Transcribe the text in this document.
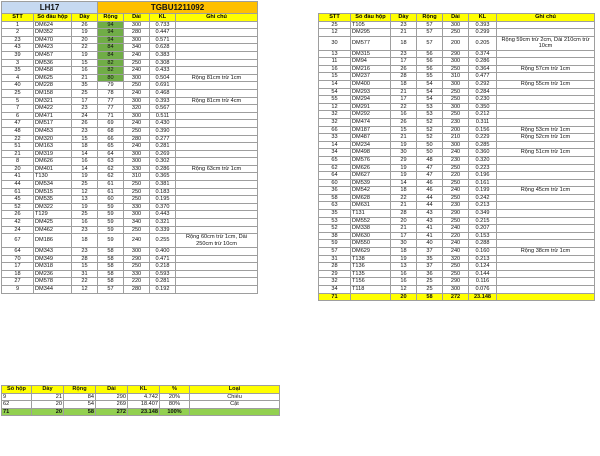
LH17			TGBU1211092			
STT	Số đầu hộp	Dày	Rộng	Dài	KL	Ghi chú
1	DM624	26	94	300	0.733	
2	DM352	19	94	280	0.447	
23	DM470	20	94	300	0.571	
43	DM423	22	84	340	0.628	
39	DM457	19	84	240	0.383	
3	DM536	15	82	250	0.308	
35	DM458	16	82	240	0.433	
4	DM625	21	80	300	0.504	Rộng 81cm trừ 1cm
40	DM228	35	79	250	0.691	
25	DM158	25	78	240	0.468	
5	DM321	17	77	300	0.393	Rộng 81cm trừ 4cm
7	DM422	23	77	320	0.567	
6	DM471	24	71	300	0.511	
47	DM517	26	69	240	0.430	
48	DM453	23	68	250	0.390	
22	DM320	15	66	280	0.277	
51	DM163	18	65	240	0.281	
21	DM319	14	64	300	0.269	
8	DM626	16	63	300	0.302	
20	DM401	14	62	330	0.286	Rộng 63cm trừ 1cm
41	T130	19	62	310	0.365	
44	DM534	25	61	250	0.381	
61	DM515	12	61	250	0.183	
45	DM535	13	60	250	0.195	
52	DM322	19	59	330	0.370	
26	T129	25	59	300	0.443	
42	DM425	16	59	340	0.321	
24	DM462	23	59	250	0.339	
67	DM186	18	59	240	0.255	Rộng 60cm trừ 1cm, Dài 250cm trừ 10cm
64	DM343	23	58	300	0.400	
70	DM349	28	58	290	0.471	
17	DM318	15	58	250	0.218	
18	DM236	31	58	330	0.593	
27	DM578	22	58	220	0.281	
9	DM344	12	57	280	0.192	
STT	Số đầu hộp	Dày	Rộng	Dài	KL	Ghi chú
25	T105	23	57	300	0.393	
12	DM295	21	57	250	0.299	
30	DM577	18	57	200	0.205	Rộng 59cm trừ 2cm, Dài 210cm trừ 10cm
13	DM315	23	56	290	0.374	
11	DM94	17	56	300	0.286	
16	DM216	26	56	250	0.364	Rộng 57cm trừ 1cm
15	DM237	28	55	310	0.477	
14	DM400	18	54	300	0.292	Rộng 55cm trừ 1cm
54	DM293	21	54	250	0.284	
55	DM294	17	54	250	0.230	
12	DM291	22	53	300	0.350	
32	DM292	16	53	250	0.212	
32	DM474	26	52	230	0.311	
66	DM187	15	52	200	0.156	Rộng 53cm trừ 1cm
33	DM487	21	52	210	0.229	Rộng 52cm trừ 1cm
14	DM234	19	50	300	0.285	
34	DM498	30	50	240	0.360	Rộng 51cm trừ 1cm
65	DM576	29	48	230	0.320	
62	DM626	19	47	250	0.223	
64	DM627	19	47	220	0.196	
60	DM539	14	46	250	0.161	
36	DM542	18	46	240	0.199	Rộng 45cm trừ 1cm
58	DM628	22	44	250	0.242	
63	DM631	21	44	230	0.213	
35	T131	28	43	290	0.349	
53	DM552	20	43	250	0.215	
52	DM338	21	41	240	0.207	
38	DM630	17	41	220	0.153	
59	DM550	30	40	240	0.288	
57	DM629	18	37	240	0.160	Rộng 38cm trừ 1cm
31	T138	19	35	320	0.213	
28	T136	13	37	250	0.124	
29	T135	16	36	250	0.144	
32	T156	16	25	290	0.116	
34	T118	12	25	300	0.076	
71		20	58	272	23.148	
Số hộp	Dày	Rộng	Dài	KL	%	Loại
9	21	84	290	4.742	20%	Chiếu
62	20	54	269	18.407	80%	Cật
71	20	58	272	23.148	100%	
